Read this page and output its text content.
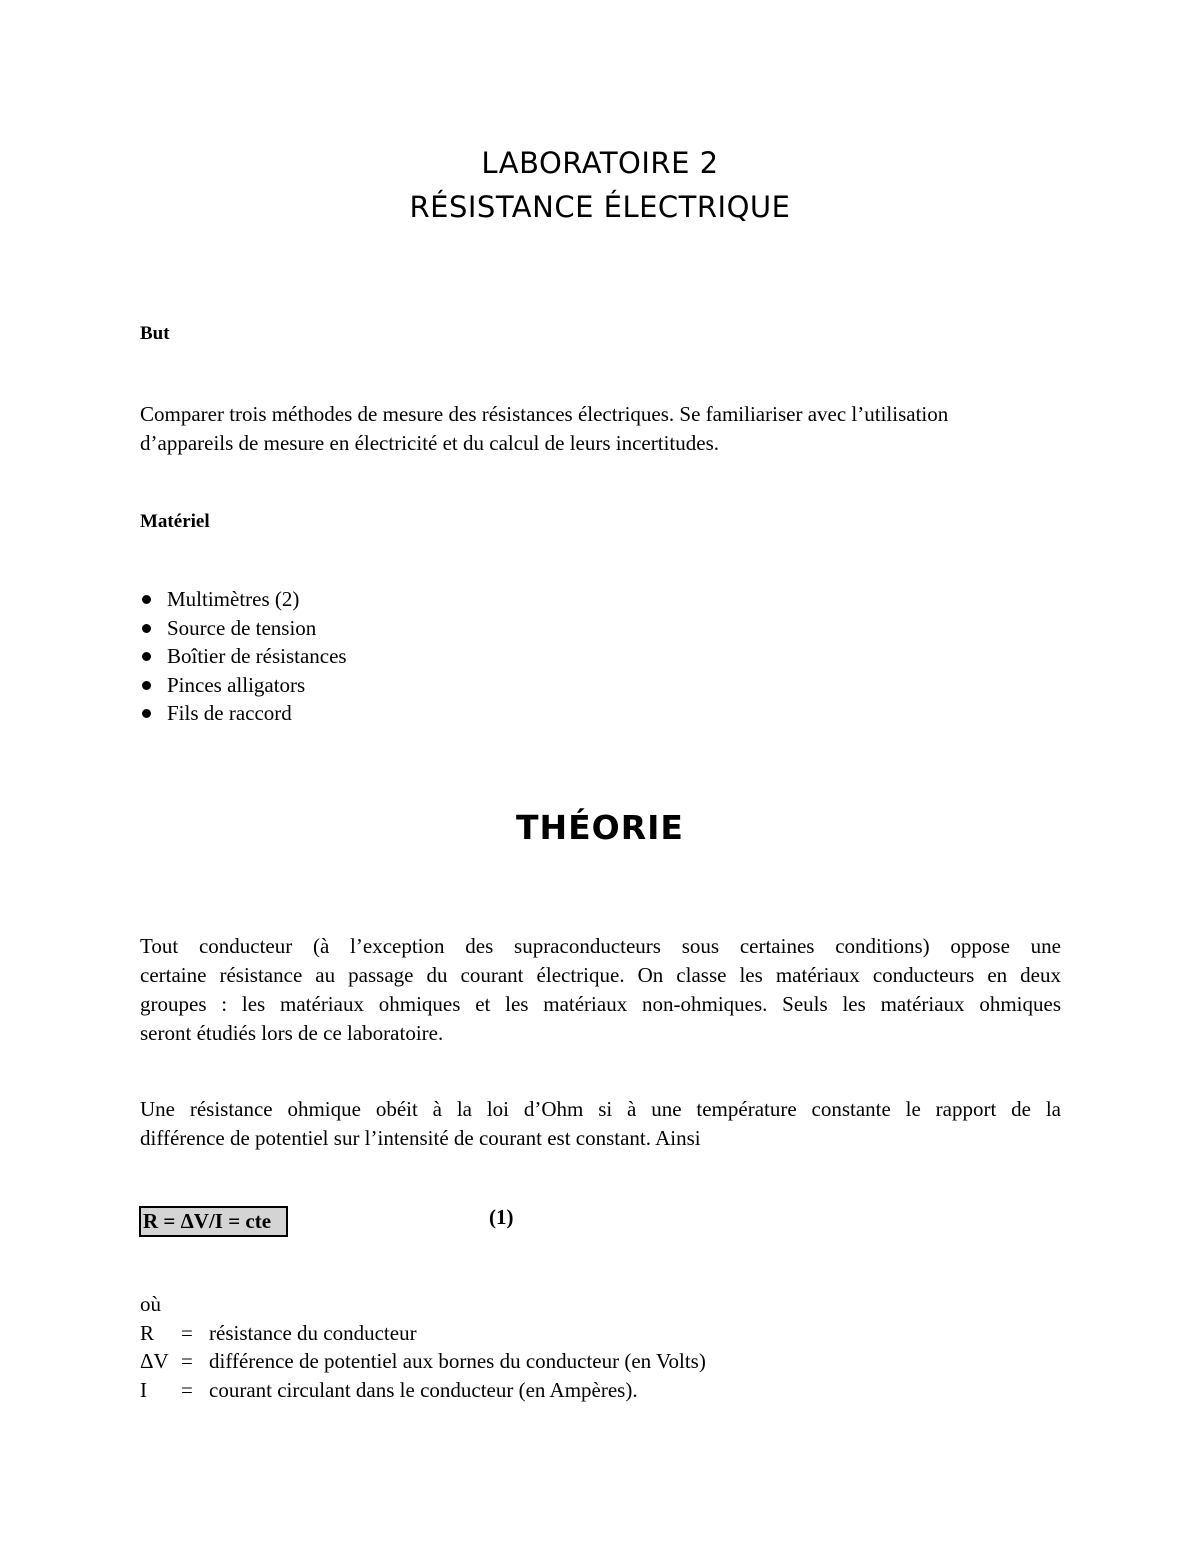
LABORATOIRE 2
RÉSISTANCE ÉLECTRIQUE
But
Comparer trois méthodes de mesure des résistances électriques. Se familiariser avec l’utilisation
d’appareils de mesure en électricité et du calcul de leurs incertitudes.
Matériel
Multimètres (2)
Source de tension
Boîtier de résistances
Pinces alligators
Fils de raccord
THÉORIE
Tout conducteur (à l’exception des supraconducteurs sous certaines conditions) oppose une
certaine résistance au passage du courant électrique. On classe les matériaux conducteurs en deux
groupes : les matériaux ohmiques et les matériaux non-ohmiques. Seuls les matériaux ohmiques
seront étudiés lors de ce laboratoire.
Une résistance ohmique obéit à la loi d’Ohm si à une température constante le rapport de la
différence de potentiel sur l’intensité de courant est constant. Ainsi
R = ΔV/I = cte	(1)
où
R = résistance du conducteur
ΔV = différence de potentiel aux bornes du conducteur (en Volts)
I = courant circulant dans le conducteur (en Ampères).
